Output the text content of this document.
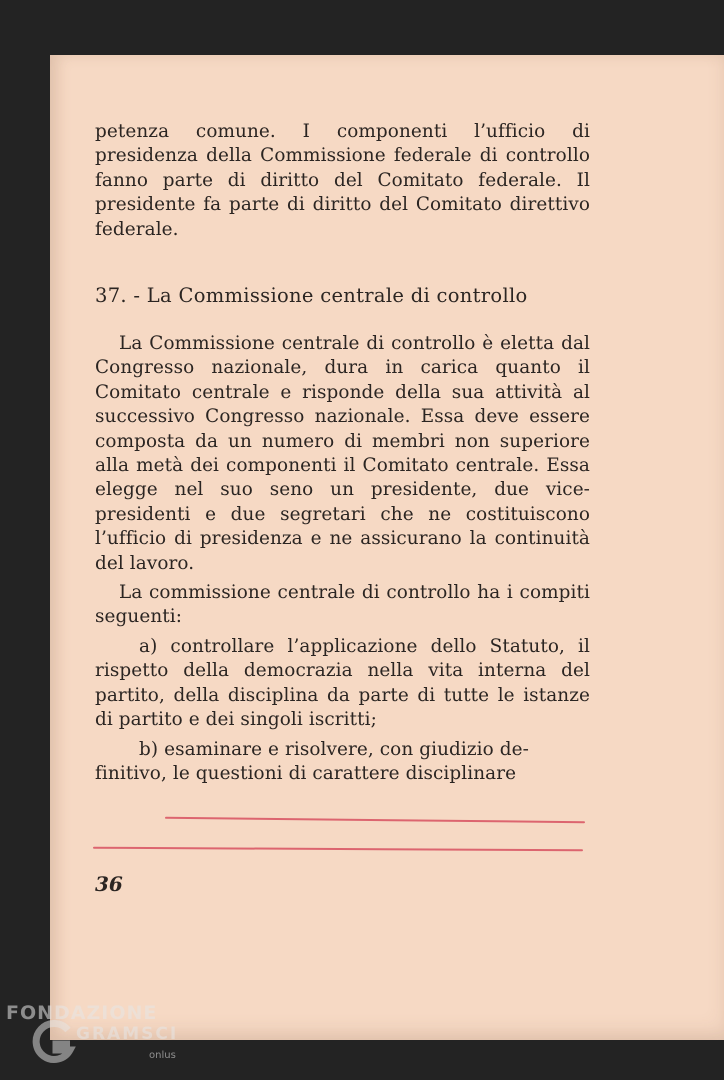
petenza comune. I componenti l’ufficio di presidenza della Commissione federale di controllo fanno parte di diritto del Comitato federale. Il presidente fa parte di diritto del Comitato direttivo federale.

37. - La Commissione centrale di controllo

La Commissione centrale di controllo è eletta dal Congresso nazionale, dura in carica quanto il Comitato centrale e risponde della sua attività al successivo Congresso nazionale. Essa deve essere composta da un numero di membri non superiore alla metà dei componenti il Comitato centrale. Essa elegge nel suo seno un presidente, due vice-presidenti e due segretari che ne costituiscono l’ufficio di presidenza e ne assicurano la continuità del lavoro.

La commissione centrale di controllo ha i compiti seguenti:

a) controllare l’applicazione dello Statuto, il rispetto della democrazia nella vita interna del partito, della disciplina da parte di tutte le istanze di partito e dei singoli iscritti;

b) esaminare e risolvere, con giudizio de-

finitivo, le questioni di carattere disciplinare

36
FONDAZIONE
GRAMSCI
onlus
